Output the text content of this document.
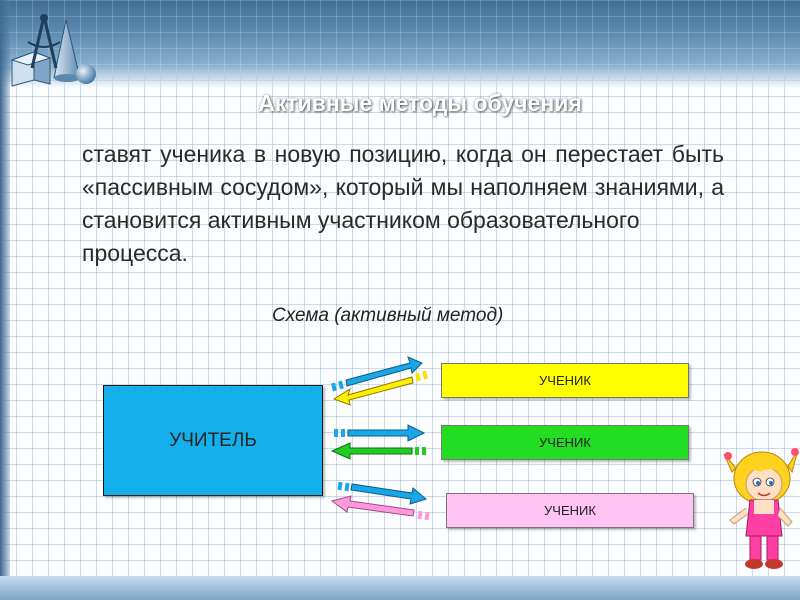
Активные методы обучения
ставят ученика в новую позицию, когда он перестает быть «пассивным сосудом», который мы наполняем знаниями, а становится активным участником образовательного
процесса.
Схема (активный метод)
УЧИТЕЛЬ
УЧЕНИК
УЧЕНИК
УЧЕНИК
